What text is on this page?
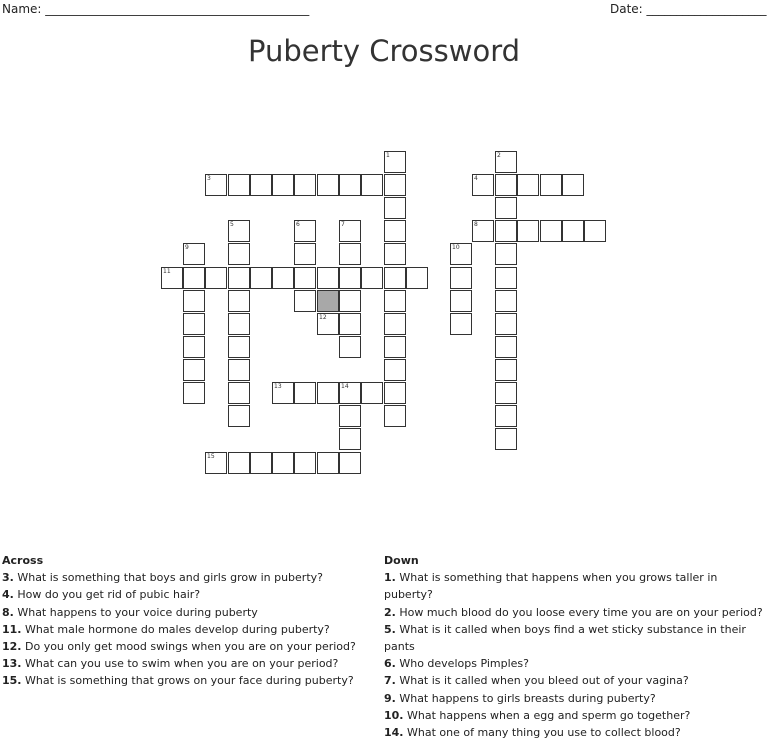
Name: ____________________________________________	Date: ____________________
Puberty Crossword
1	2
3	4
5	6	7	8
9	10
11
12
13	14
15
Across
3. What is something that boys and girls grow in puberty?
4. How do you get rid of pubic hair?
8. What happens to your voice during puberty
11. What male hormone do males develop during puberty?
12. Do you only get mood swings when you are on your period?
13. What can you use to swim when you are on your period?
15. What is something that grows on your face during puberty?
Down
1. What is something that happens when you grows taller in puberty?
2. How much blood do you loose every time you are on your period?
5. What is it called when boys find a wet sticky substance in their pants
6. Who develops Pimples?
7. What is it called when you bleed out of your vagina?
9. What happens to girls breasts during puberty?
10. What happens when a egg and sperm go together?
14. What one of many thing you use to collect blood?
